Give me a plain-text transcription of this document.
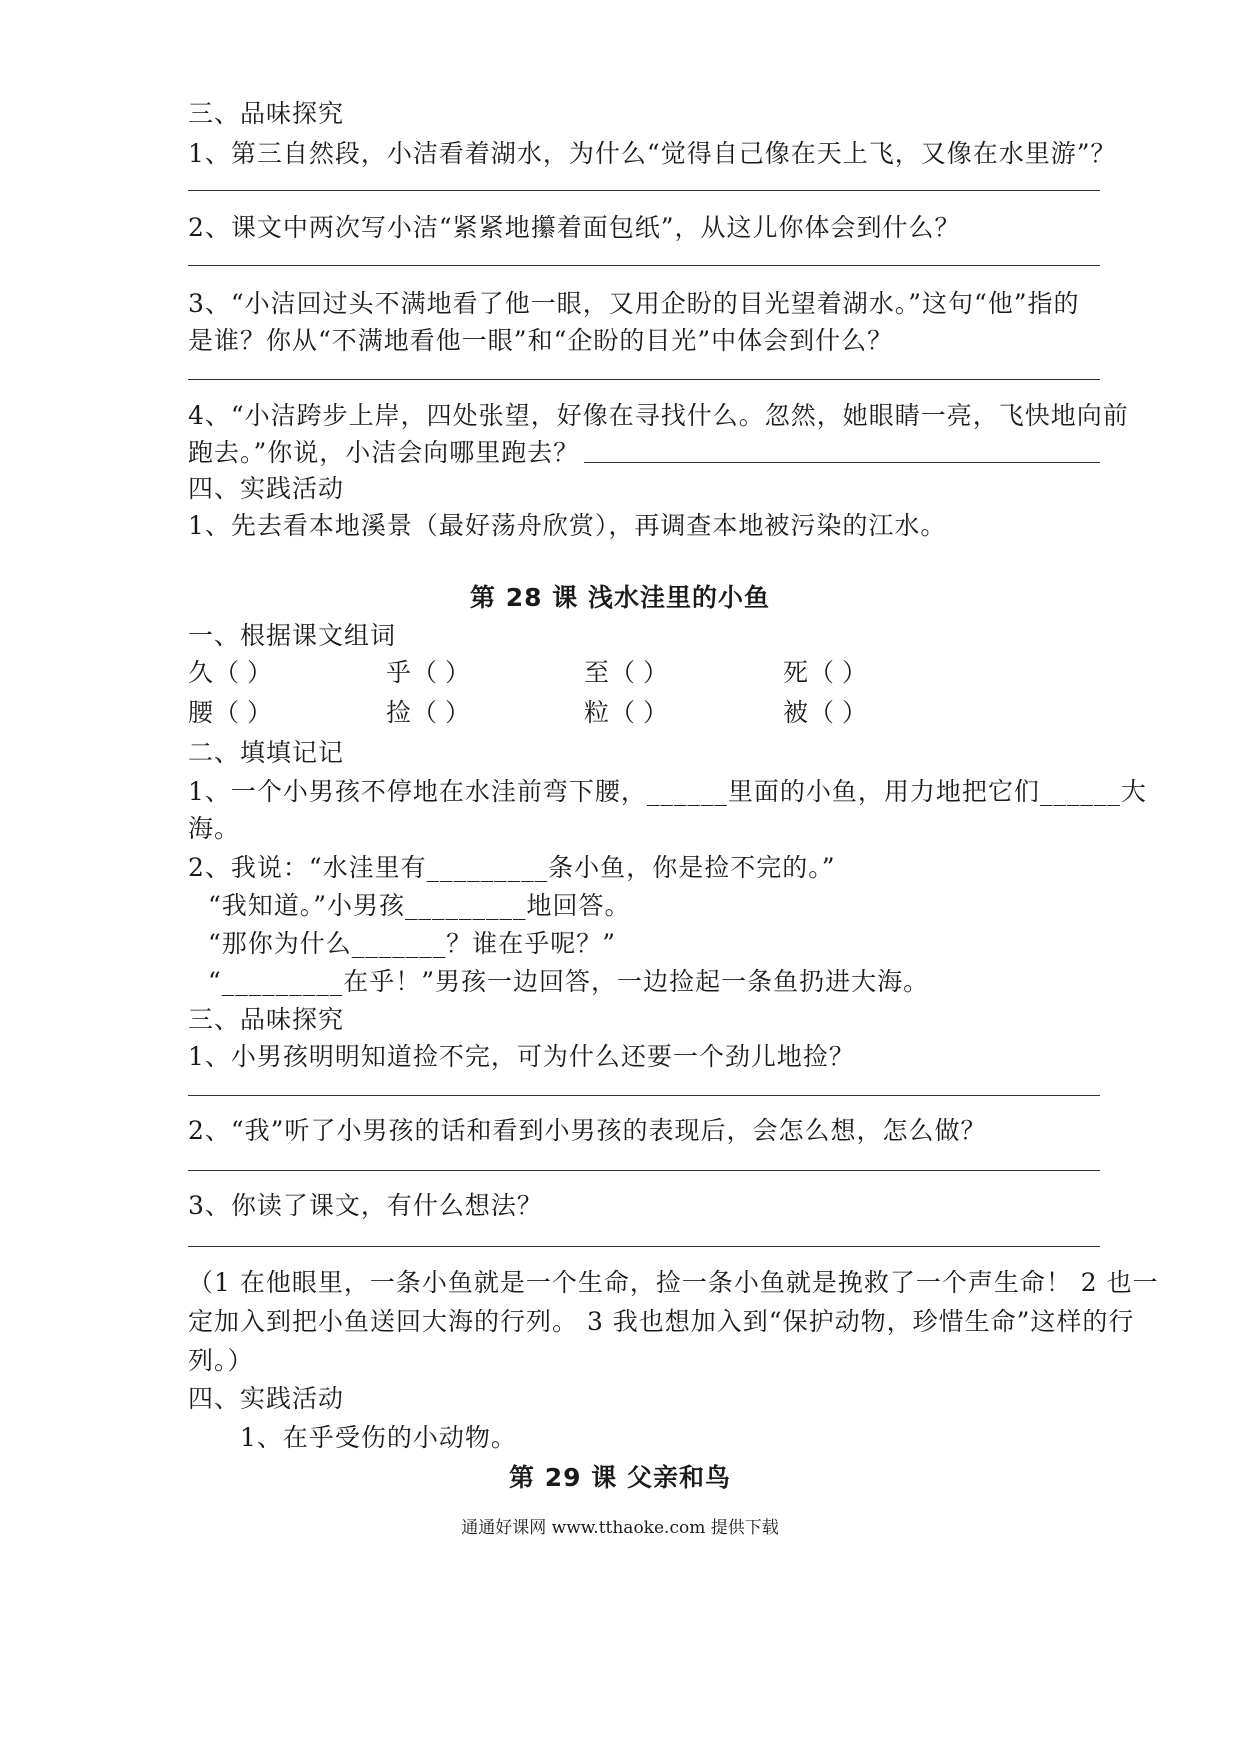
三、品味探究
1、第三自然段，小洁看着湖水，为什么“觉得自己像在天上飞，又像在水里游”？
2、课文中两次写小洁“紧紧地攥着面包纸”，从这儿你体会到什么？
3、“小洁回过头不满地看了他一眼，又用企盼的目光望着湖水。”这句“他”指的
是谁？你从“不满地看他一眼”和“企盼的目光”中体会到什么？
4、“小洁跨步上岸，四处张望，好像在寻找什么。忽然，她眼睛一亮，飞快地向前
跑去。”你说，小洁会向哪里跑去？
四、实践活动
1、先去看本地溪景（最好荡舟欣赏），再调查本地被污染的江水。
第 28 课 浅水洼里的小鱼
一、根据课文组词
久 （ ）	乎 （ ）	至 （ ）	死 （ ）
腰 （ ）	捡 （ ）	粒 （ ）	被 （ ）
二、填填记记
1、一个小男孩不停地在水洼前弯下腰，______里面的小鱼，用力地把它们______大
海。
2、我说：“水洼里有_________条小鱼，你是捡不完的。”
“我知道。”小男孩_________地回答。
“那你为什么_______？谁在乎呢？”
“_________在乎！”男孩一边回答，一边捡起一条鱼扔进大海。
三、品味探究
1、小男孩明明知道捡不完，可为什么还要一个劲儿地捡？
2、“我”听了小男孩的话和看到小男孩的表现后，会怎么想，怎么做？
3、你读了课文，有什么想法？
（1 在他眼里，一条小鱼就是一个生命，捡一条小鱼就是挽救了一个声生命！ 2 也一
定加入到把小鱼送回大海的行列。 3 我也想加入到“保护动物，珍惜生命”这样的行
列。）
四、实践活动
1、在乎受伤的小动物。
第 29 课 父亲和鸟
通通好课网 www.tthaoke.com 提供下载
